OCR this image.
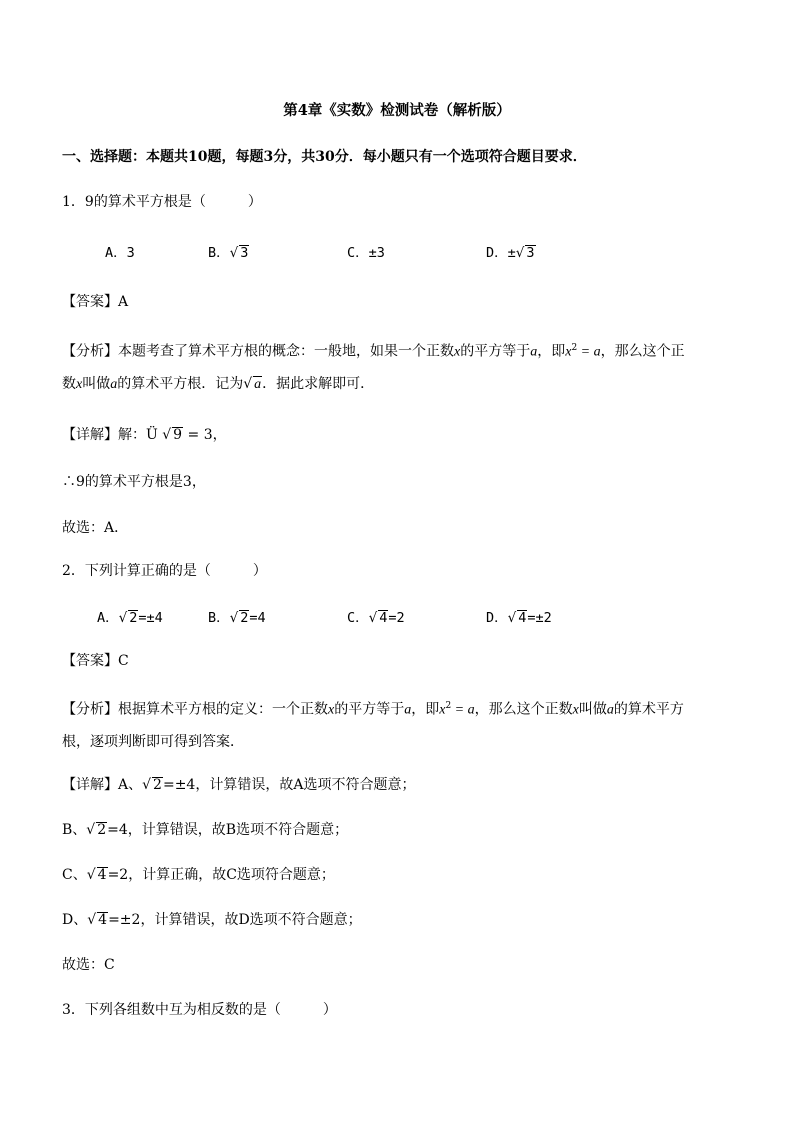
第4章《实数》检测试卷（解析版）
一、选择题：本题共10题，每题3分，共30分．每小题只有一个选项符合题目要求．
1．9的算术平方根是（　　　）
A．3	B．√ 3	C．±3	D．±√ 3
【答案】A
【分析】本题考查了算术平方根的概念：一般地，如果一个正数x的平方等于a，即$x^2 = a$，那么这个正
数x叫做a的算术平方根．记为√ a．据此求解即可．
【详解】解：Ü √ 9 = 3，
∴9的算术平方根是3，
故选：A．
2．下列计算正确的是（　　　）
A．√ 2=±4	B．√ 2=4	C．√ 4=2	D．√ 4=±2
【答案】C
【分析】根据算术平方根的定义：一个正数x的平方等于a，即$x^2 = a$，那么这个正数x叫做a的算术平方
根，逐项判断即可得到答案．
【详解】A、√ 2=±4，计算错误，故A选项不符合题意；
B、√ 2=4，计算错误，故B选项不符合题意；
C、√ 4=2，计算正确，故C选项符合题意；
D、√ 4=±2，计算错误，故D选项不符合题意；
故选：C
3．下列各组数中互为相反数的是（　　　）
